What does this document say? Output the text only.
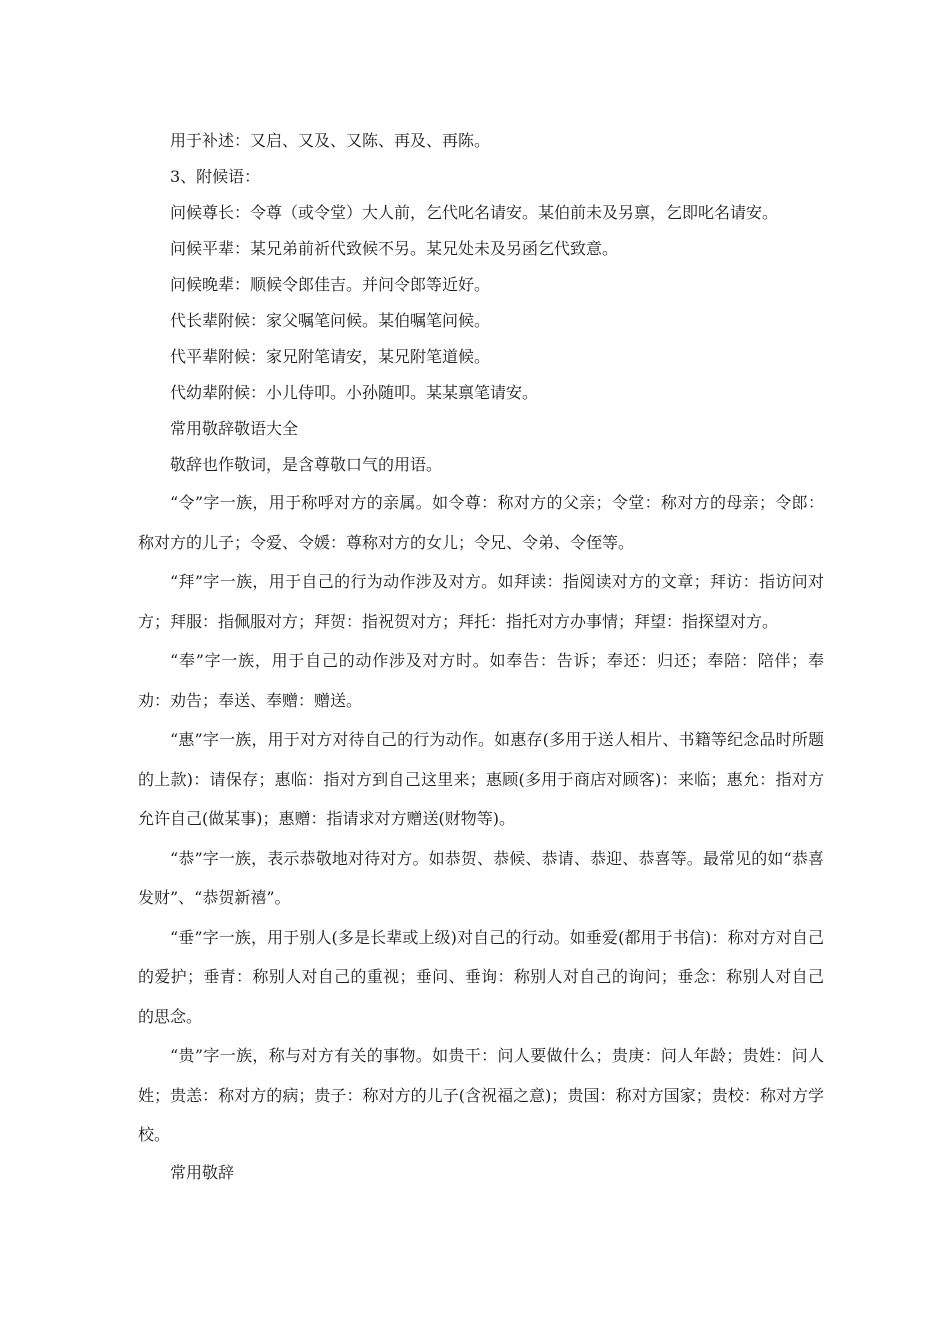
用于补述：又启、又及、又陈、再及、再陈。
3、附候语：
问候尊长：令尊（或令堂）大人前，乞代叱名请安。某伯前未及另禀，乞即叱名请安。
问候平辈：某兄弟前祈代致候不另。某兄处未及另函乞代致意。
问候晚辈：顺候令郎佳吉。并问令郎等近好。
代长辈附候：家父嘱笔问候。某伯嘱笔问候。
代平辈附候：家兄附笔请安，某兄附笔道候。
代幼辈附候：小儿侍叩。小孙随叩。某某禀笔请安。
常用敬辞敬语大全
敬辞也作敬词，是含尊敬口气的用语。

“令”字一族，用于称呼对方的亲属。如令尊：称对方的父亲；令堂：称对方的母亲；令郎：称对方的儿子；令爱、令媛：尊称对方的女儿；令兄、令弟、令侄等。

“拜”字一族，用于自己的行为动作涉及对方。如拜读：指阅读对方的文章；拜访：指访问对方；拜服：指佩服对方；拜贺：指祝贺对方；拜托：指托对方办事情；拜望：指探望对方。

“奉”字一族，用于自己的动作涉及对方时。如奉告：告诉；奉还：归还；奉陪：陪伴；奉劝：劝告；奉送、奉赠：赠送。

“惠”字一族，用于对方对待自己的行为动作。如惠存(多用于送人相片、书籍等纪念品时所题的上款)：请保存；惠临：指对方到自己这里来；惠顾(多用于商店对顾客)：来临；惠允：指对方允许自己(做某事)；惠赠：指请求对方赠送(财物等)。

“恭”字一族，表示恭敬地对待对方。如恭贺、恭候、恭请、恭迎、恭喜等。最常见的如“恭喜发财”、“恭贺新禧”。

“垂”字一族，用于别人(多是长辈或上级)对自己的行动。如垂爱(都用于书信)：称对方对自己的爱护；垂青：称别人对自己的重视；垂问、垂询：称别人对自己的询问；垂念：称别人对自己的思念。

“贵”字一族，称与对方有关的事物。如贵干：问人要做什么；贵庚：问人年龄；贵姓：问人姓；贵恙：称对方的病；贵子：称对方的儿子(含祝福之意)；贵国：称对方国家；贵校：称对方学校。

常用敬辞
